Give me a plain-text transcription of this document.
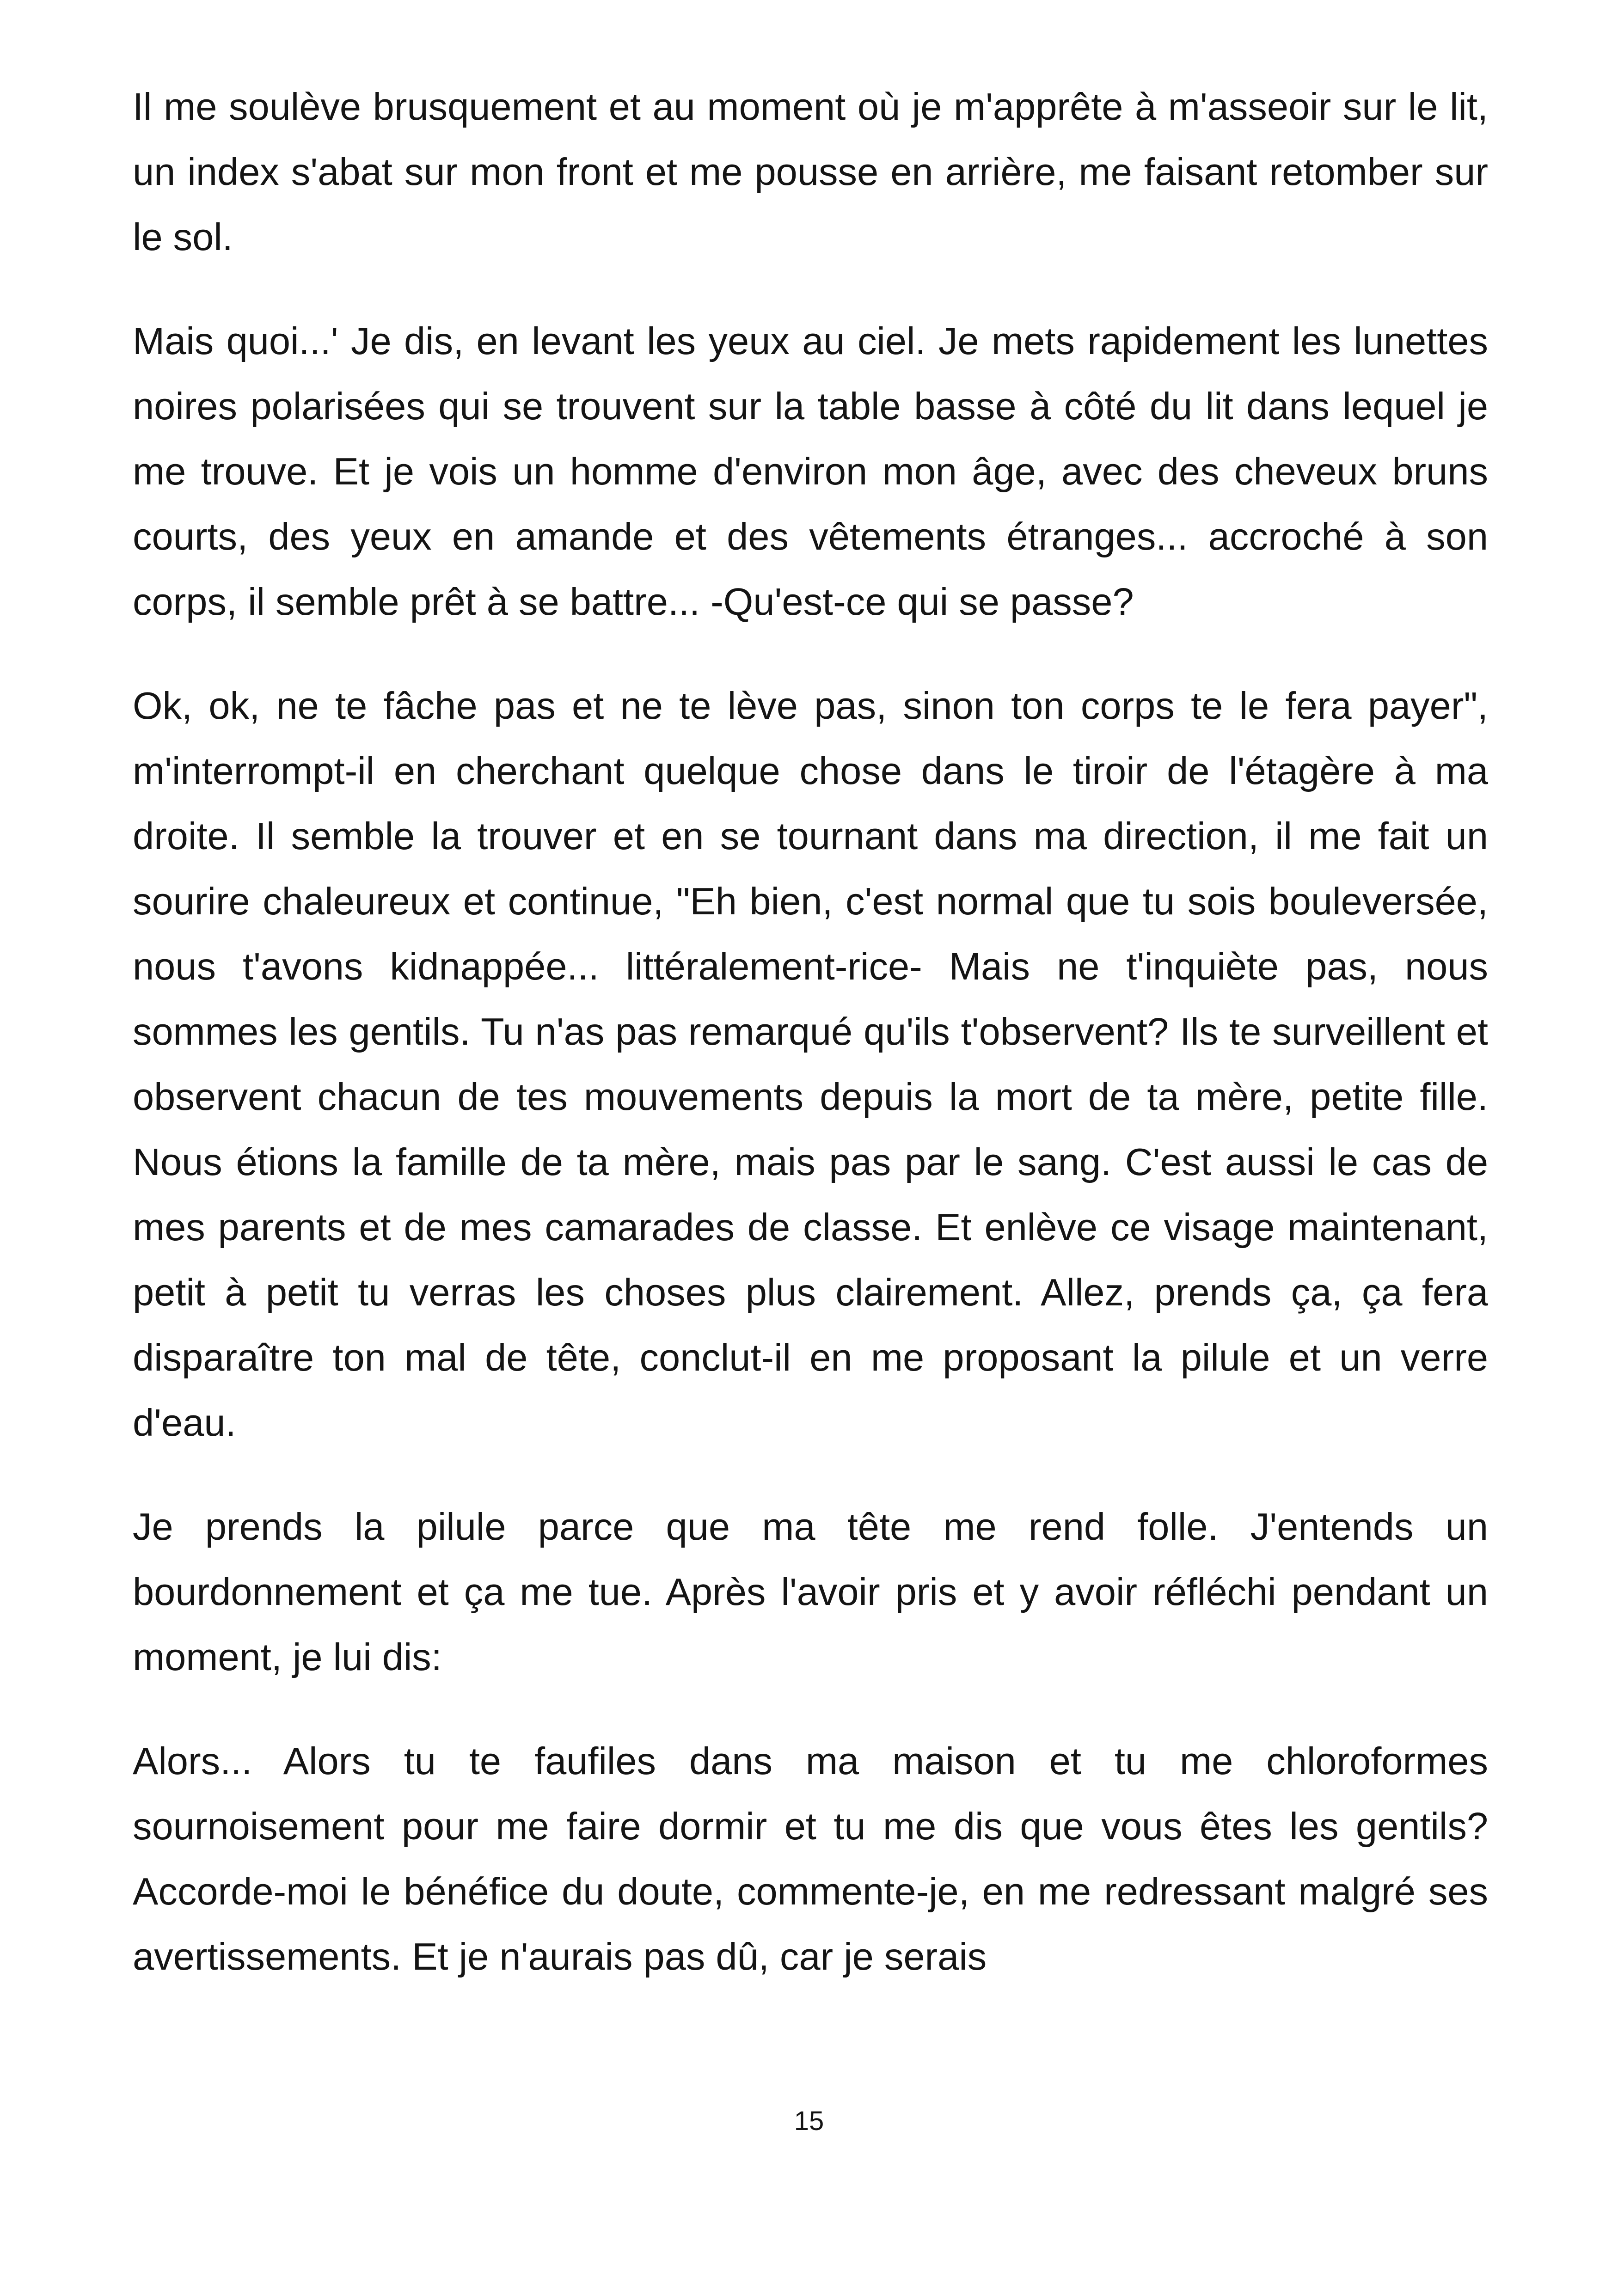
Il me soulève brusquement et au moment où je m'apprête à m'asseoir sur le lit, un index s'abat sur mon front et me pousse en arrière, me faisant retomber sur le sol.

Mais quoi...' Je dis, en levant les yeux au ciel. Je mets rapidement les lunettes noires polarisées qui se trouvent sur la table basse à côté du lit dans lequel je me trouve. Et je vois un homme d'environ mon âge, avec des cheveux bruns courts, des yeux en amande et des vêtements étranges... accroché à son corps, il semble prêt à se battre... -Qu'est-ce qui se passe?

Ok, ok, ne te fâche pas et ne te lève pas, sinon ton corps te le fera payer", m'interrompt-il en cherchant quelque chose dans le tiroir de l'étagère à ma droite. Il semble la trouver et en se tournant dans ma direction, il me fait un sourire chaleureux et continue, "Eh bien, c'est normal que tu sois bouleversée, nous t'avons kidnappée... littéralement-rice- Mais ne t'inquiète pas, nous sommes les gentils. Tu n'as pas remarqué qu'ils t'observent? Ils te surveillent et observent chacun de tes mouvements depuis la mort de ta mère, petite fille. Nous étions la famille de ta mère, mais pas par le sang. C'est aussi le cas de mes parents et de mes camarades de classe. Et enlève ce visage maintenant, petit à petit tu verras les choses plus clairement. Allez, prends ça, ça fera disparaître ton mal de tête, conclut-il en me proposant la pilule et un verre d'eau.

Je prends la pilule parce que ma tête me rend folle. J'entends un bourdonnement et ça me tue. Après l'avoir pris et y avoir réfléchi pendant un moment, je lui dis:

Alors... Alors tu te faufiles dans ma maison et tu me chloroformes sournoisement pour me faire dormir et tu me dis que vous êtes les gentils? Accorde-moi le bénéfice du doute, commente-je, en me redressant malgré ses avertissements. Et je n'aurais pas dû, car je serais

15
